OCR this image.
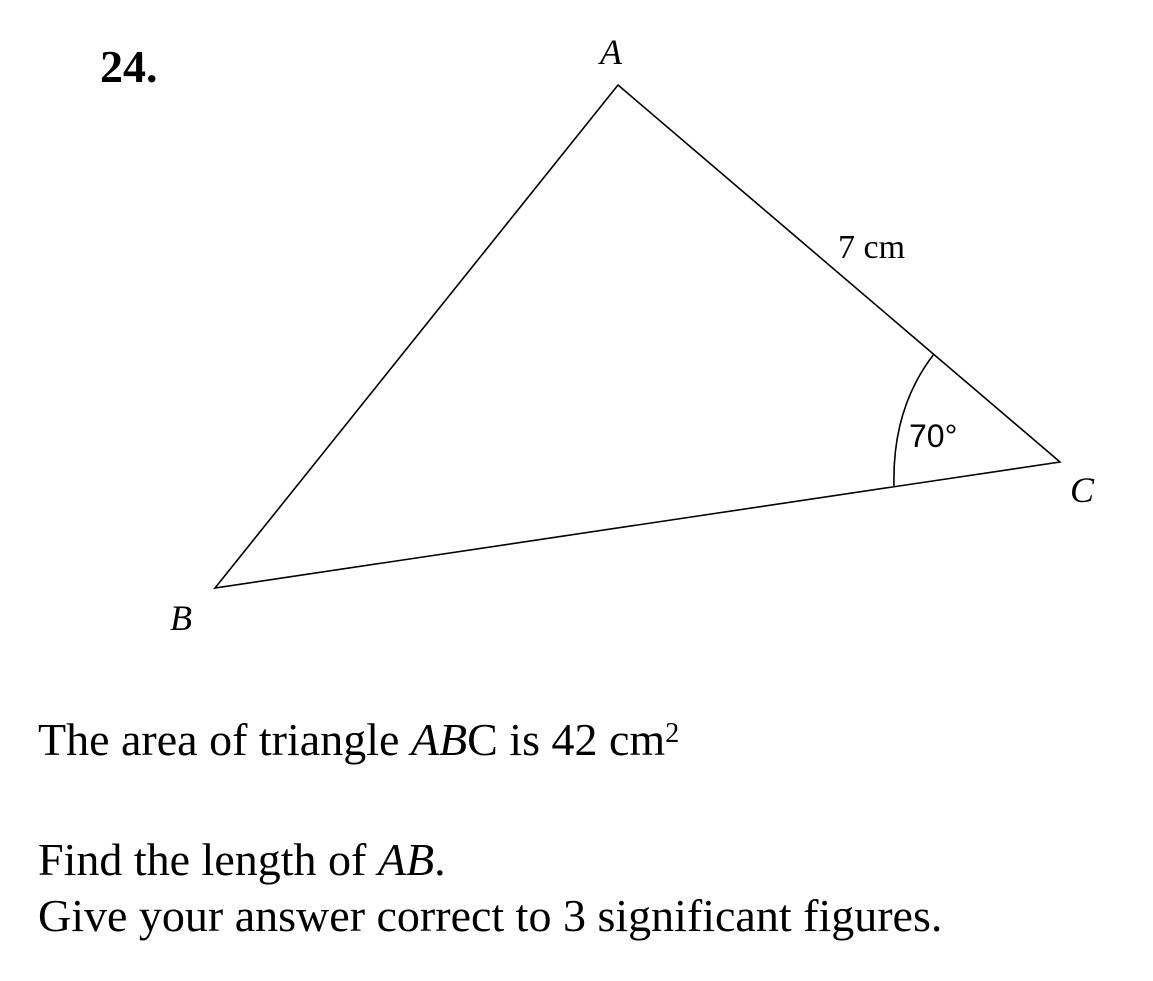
24.	A
B
C
7 cm
70°
The area of triangle ABC is 42 $cm^2$
Find the length of AB.
Give your answer correct to 3 significant figures.
